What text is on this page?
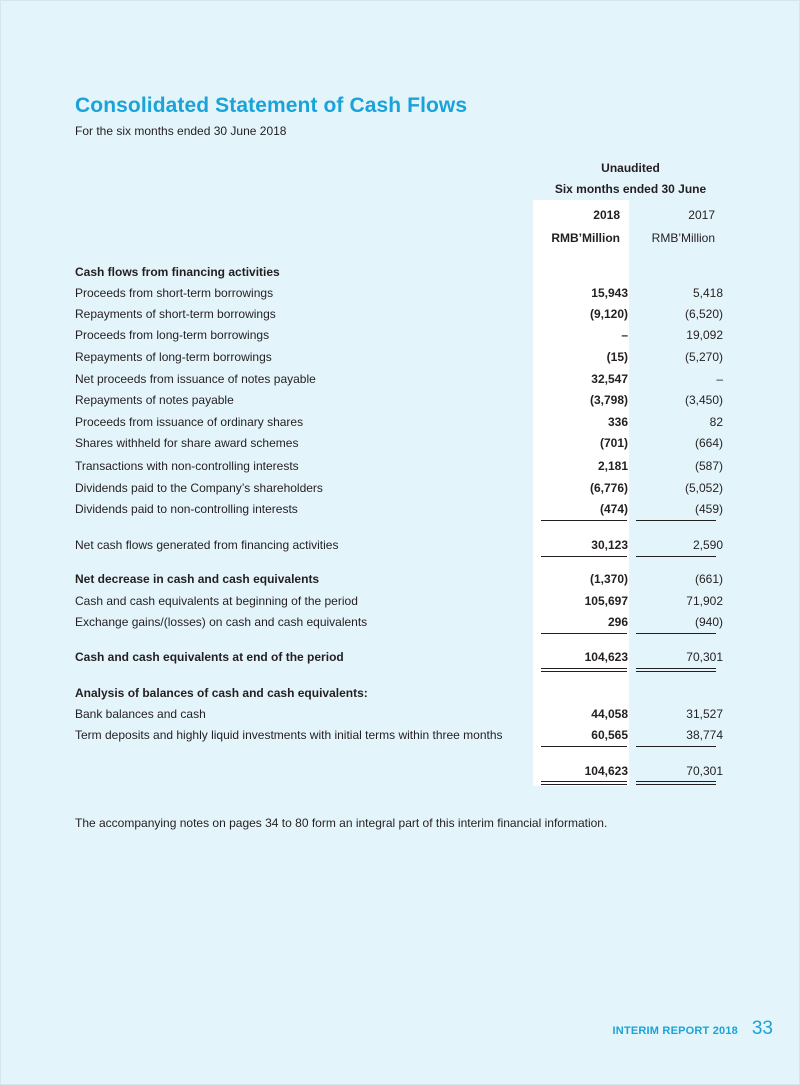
Consolidated Statement of Cash Flows
For the six months ended 30 June 2018
Unaudited
Six months ended 30 June
2018	2017
RMB’Million	RMB’Million
Cash flows from financing activities
Proceeds from short-term borrowings	15,943	5,418
Repayments of short-term borrowings	(9,120)	(6,520)
Proceeds from long-term borrowings	–	19,092
Repayments of long-term borrowings	(15)	(5,270)
Net proceeds from issuance of notes payable	32,547	–
Repayments of notes payable	(3,798)	(3,450)
Proceeds from issuance of ordinary shares	336	82
Shares withheld for share award schemes	(701)	(664)
Transactions with non-controlling interests	2,181	(587)
Dividends paid to the Company’s shareholders	(6,776)	(5,052)
Dividends paid to non-controlling interests	(474)	(459)
Net cash flows generated from financing activities	30,123	2,590
Net decrease in cash and cash equivalents	(1,370)	(661)
Cash and cash equivalents at beginning of the period	105,697	71,902
Exchange gains/(losses) on cash and cash equivalents	296	(940)
Cash and cash equivalents at end of the period	104,623	70,301
Analysis of balances of cash and cash equivalents:
Bank balances and cash	44,058	31,527
Term deposits and highly liquid investments with initial terms within three months	60,565	38,774
104,623	70,301
The accompanying notes on pages 34 to 80 form an integral part of this interim financial information.
INTERIM REPORT 2018 33
